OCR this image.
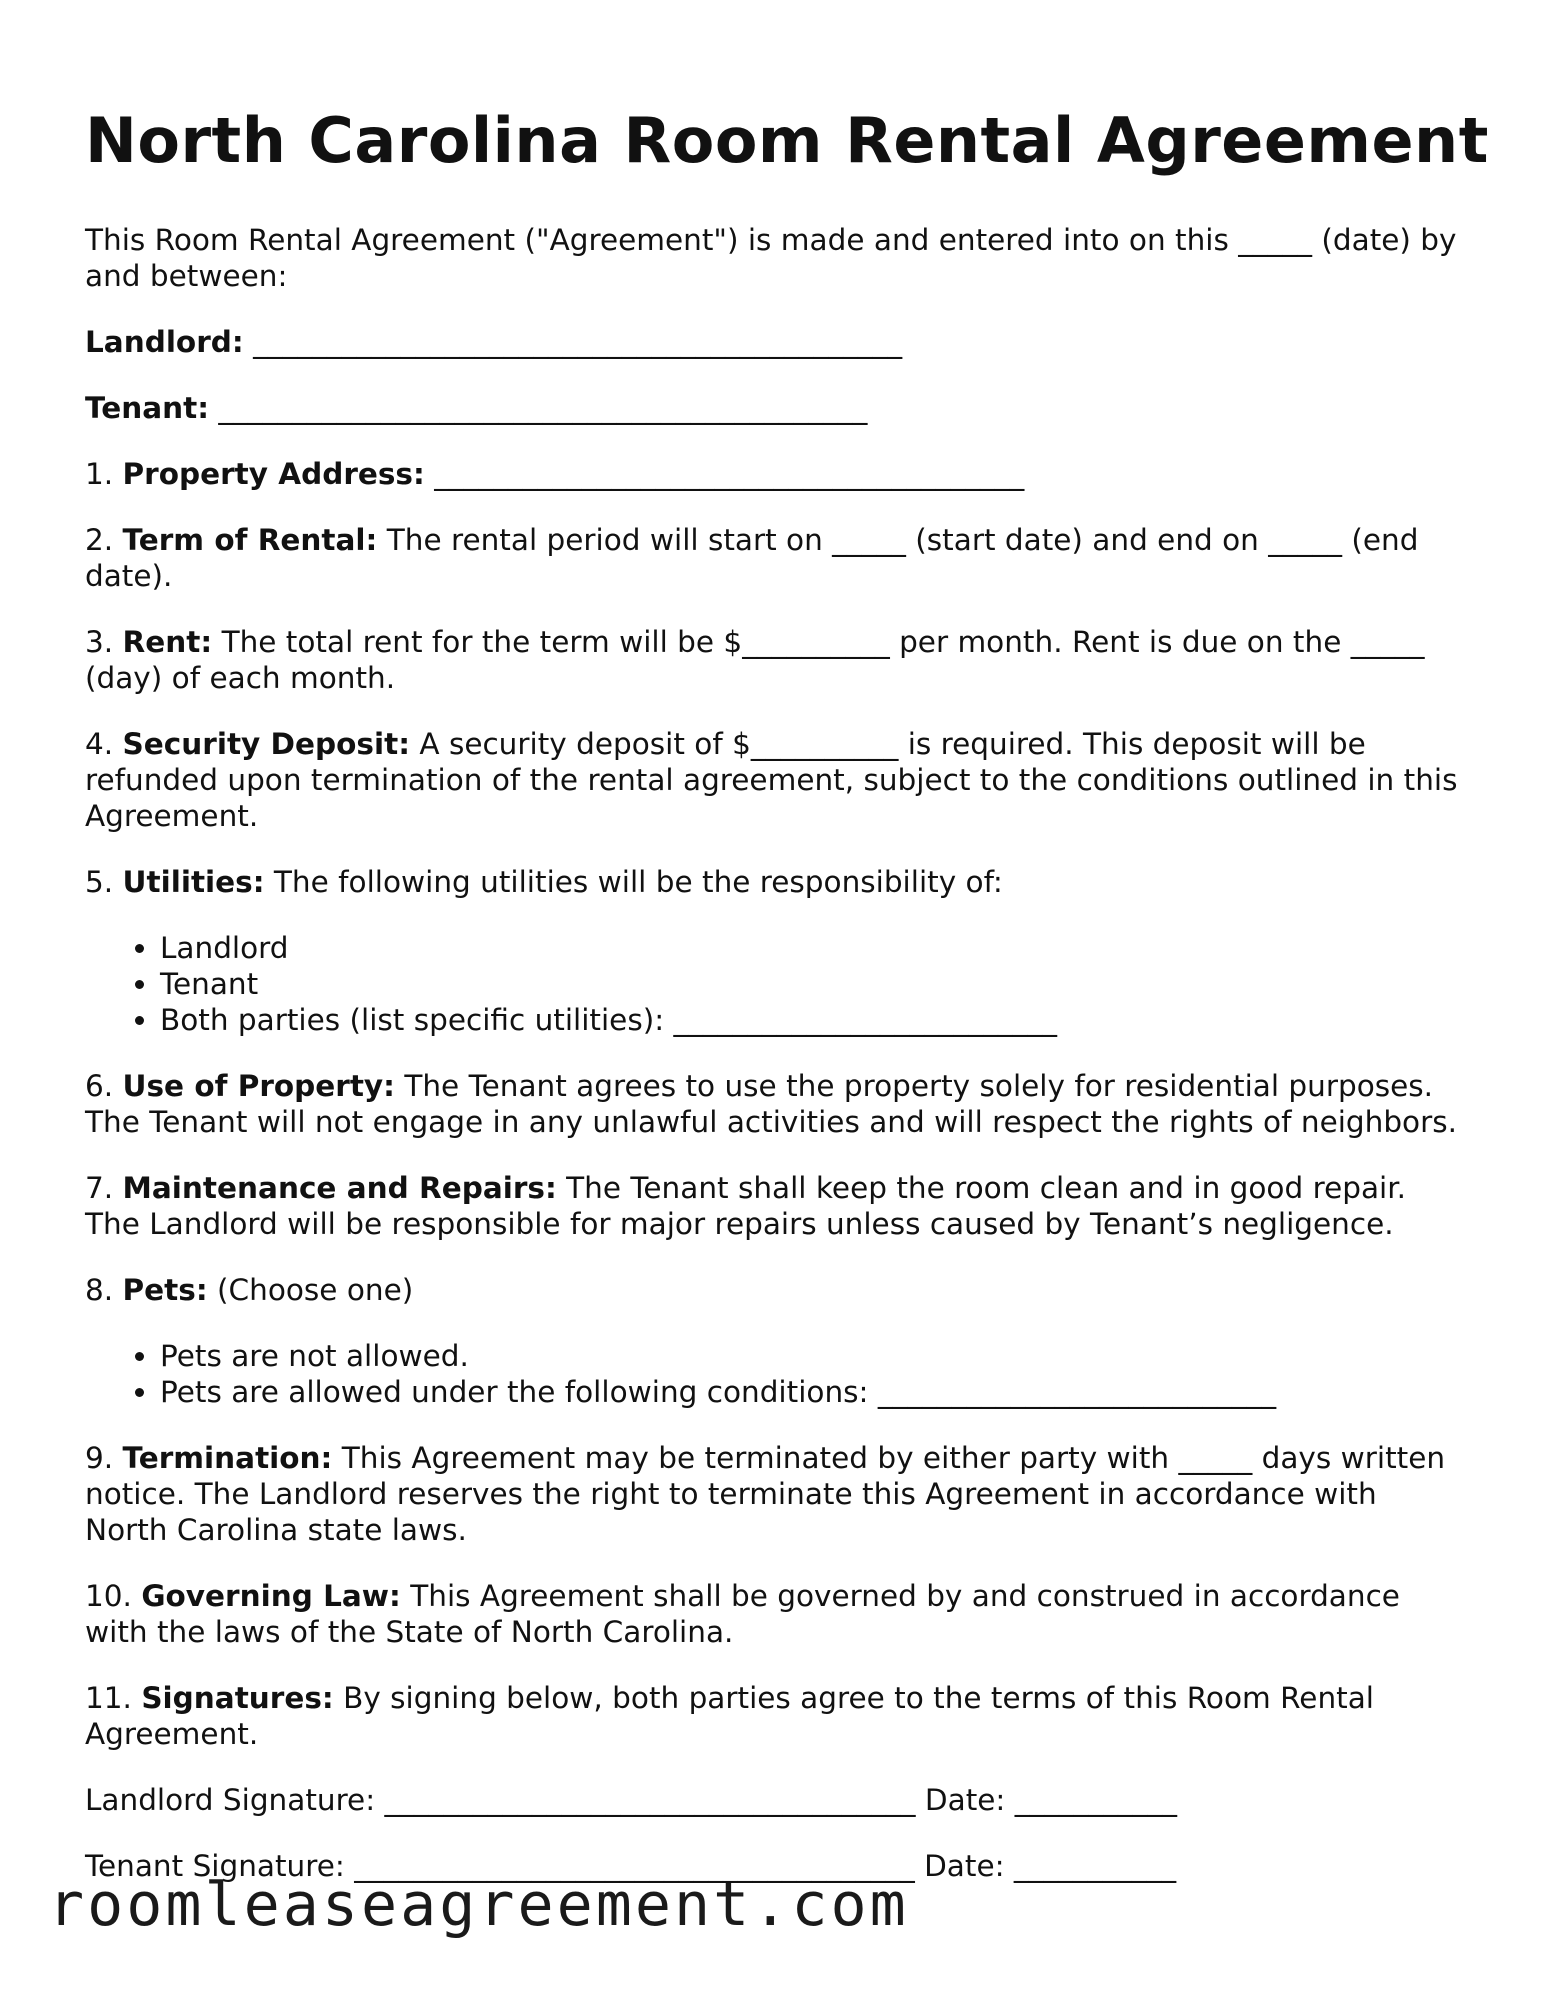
North Carolina Room Rental Agreement

This Room Rental Agreement ("Agreement") is made and entered into on this _____ (date) by and between:

Landlord: ____________________________________________

Tenant: ____________________________________________

1. Property Address: ________________________________________

2. Term of Rental: The rental period will start on _____ (start date) and end on _____ (end date).

3. Rent: The total rent for the term will be $__________ per month. Rent is due on the _____ (day) of each month.

4. Security Deposit: A security deposit of $__________ is required. This deposit will be refunded upon termination of the rental agreement, subject to the conditions outlined in this Agreement.

5. Utilities: The following utilities will be the responsibility of:

• Landlord
• Tenant
• Both parties (list specific utilities): __________________________

6. Use of Property: The Tenant agrees to use the property solely for residential purposes. The Tenant will not engage in any unlawful activities and will respect the rights of neighbors.

7. Maintenance and Repairs: The Tenant shall keep the room clean and in good repair. The Landlord will be responsible for major repairs unless caused by Tenant’s negligence.

8. Pets: (Choose one)

• Pets are not allowed.
• Pets are allowed under the following conditions: ___________________________

9. Termination: This Agreement may be terminated by either party with _____ days written notice. The Landlord reserves the right to terminate this Agreement in accordance with North Carolina state laws.

10. Governing Law: This Agreement shall be governed by and construed in accordance with the laws of the State of North Carolina.

11. Signatures: By signing below, both parties agree to the terms of this Room Rental Agreement.

Landlord Signature: ____________________________________ Date: ___________

Tenant Signature: ______________________________________ Date: ___________

roomleaseagreement.com
